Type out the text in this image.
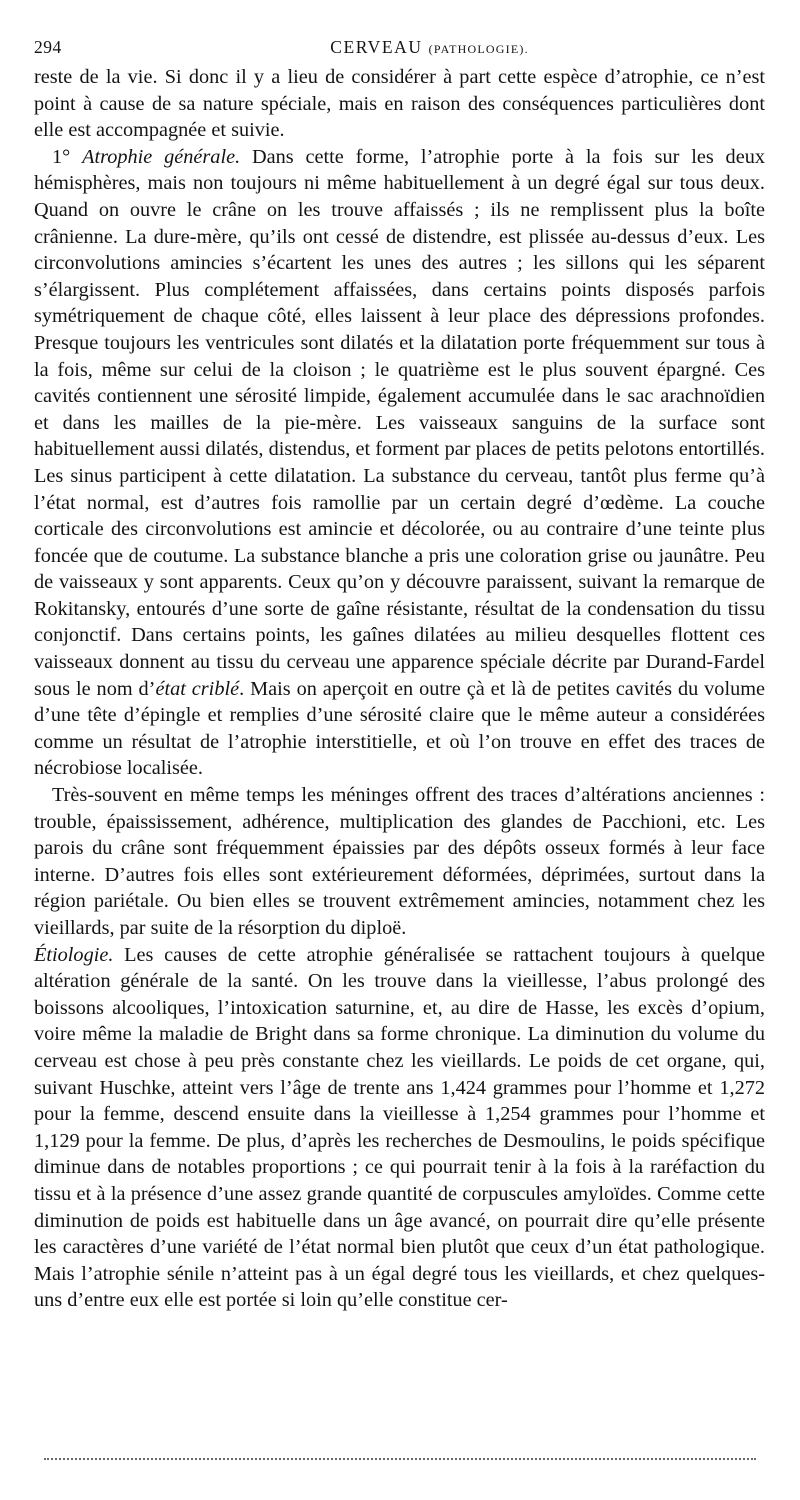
294	CERVEAU (PATHOLOGIE).

reste de la vie. Si donc il y a lieu de considérer à part cette espèce d’atrophie, ce n’est point à cause de sa nature spéciale, mais en raison des conséquences particulières dont elle est accompagnée et suivie.

1° Atrophie générale. Dans cette forme, l’atrophie porte à la fois sur les deux hémisphères, mais non toujours ni même habituellement à un degré égal sur tous deux. Quand on ouvre le crâne on les trouve affaissés ; ils ne remplissent plus la boîte crânienne. La dure-mère, qu’ils ont cessé de distendre, est plissée au-dessus d’eux. Les circonvolutions amincies s’écartent les unes des autres ; les sillons qui les séparent s’élargissent. Plus complétement affaissées, dans certains points disposés parfois symétriquement de chaque côté, elles laissent à leur place des dépressions profondes. Presque toujours les ventricules sont dilatés et la dilatation porte fréquemment sur tous à la fois, même sur celui de la cloison ; le quatrième est le plus souvent épargné. Ces cavités contiennent une sérosité limpide, également accumulée dans le sac arachnoïdien et dans les mailles de la pie-mère. Les vaisseaux sanguins de la surface sont habituellement aussi dilatés, distendus, et forment par places de petits pelotons entortillés. Les sinus participent à cette dilatation. La substance du cerveau, tantôt plus ferme qu’à l’état normal, est d’autres fois ramollie par un certain degré d’œdème. La couche corticale des circonvolutions est amincie et décolorée, ou au contraire d’une teinte plus foncée que de coutume. La substance blanche a pris une coloration grise ou jaunâtre. Peu de vaisseaux y sont apparents. Ceux qu’on y découvre paraissent, suivant la remarque de Rokitansky, entourés d’une sorte de gaîne résistante, résultat de la condensation du tissu conjonctif. Dans certains points, les gaînes dilatées au milieu desquelles flottent ces vaisseaux donnent au tissu du cerveau une apparence spéciale décrite par Durand-Fardel sous le nom d’état criblé. Mais on aperçoit en outre çà et là de petites cavités du volume d’une tête d’épingle et remplies d’une sérosité claire que le même auteur a considérées comme un résultat de l’atrophie interstitielle, et où l’on trouve en effet des traces de nécrobiose localisée.

Très-souvent en même temps les méninges offrent des traces d’altérations anciennes : trouble, épaississement, adhérence, multiplication des glandes de Pacchioni, etc. Les parois du crâne sont fréquemment épaissies par des dépôts osseux formés à leur face interne. D’autres fois elles sont extérieurement déformées, déprimées, surtout dans la région pariétale. Ou bien elles se trouvent extrêmement amincies, notamment chez les vieillards, par suite de la résorption du diploë.

Étiologie. Les causes de cette atrophie généralisée se rattachent toujours à quelque altération générale de la santé. On les trouve dans la vieillesse, l’abus prolongé des boissons alcooliques, l’intoxication saturnine, et, au dire de Hasse, les excès d’opium, voire même la maladie de Bright dans sa forme chronique. La diminution du volume du cerveau est chose à peu près constante chez les vieillards. Le poids de cet organe, qui, suivant Huschke, atteint vers l’âge de trente ans 1,424 grammes pour l’homme et 1,272 pour la femme, descend ensuite dans la vieillesse à 1,254 grammes pour l’homme et 1,129 pour la femme. De plus, d’après les recherches de Desmoulins, le poids spécifique diminue dans de notables proportions ; ce qui pourrait tenir à la fois à la raréfaction du tissu et à la présence d’une assez grande quantité de corpuscules amyloïdes. Comme cette diminution de poids est habituelle dans un âge avancé, on pourrait dire qu’elle présente les caractères d’une variété de l’état normal bien plutôt que ceux d’un état pathologique. Mais l’atrophie sénile n’atteint pas à un égal degré tous les vieillards, et chez quelques-uns d’entre eux elle est portée si loin qu’elle constitue cer-
